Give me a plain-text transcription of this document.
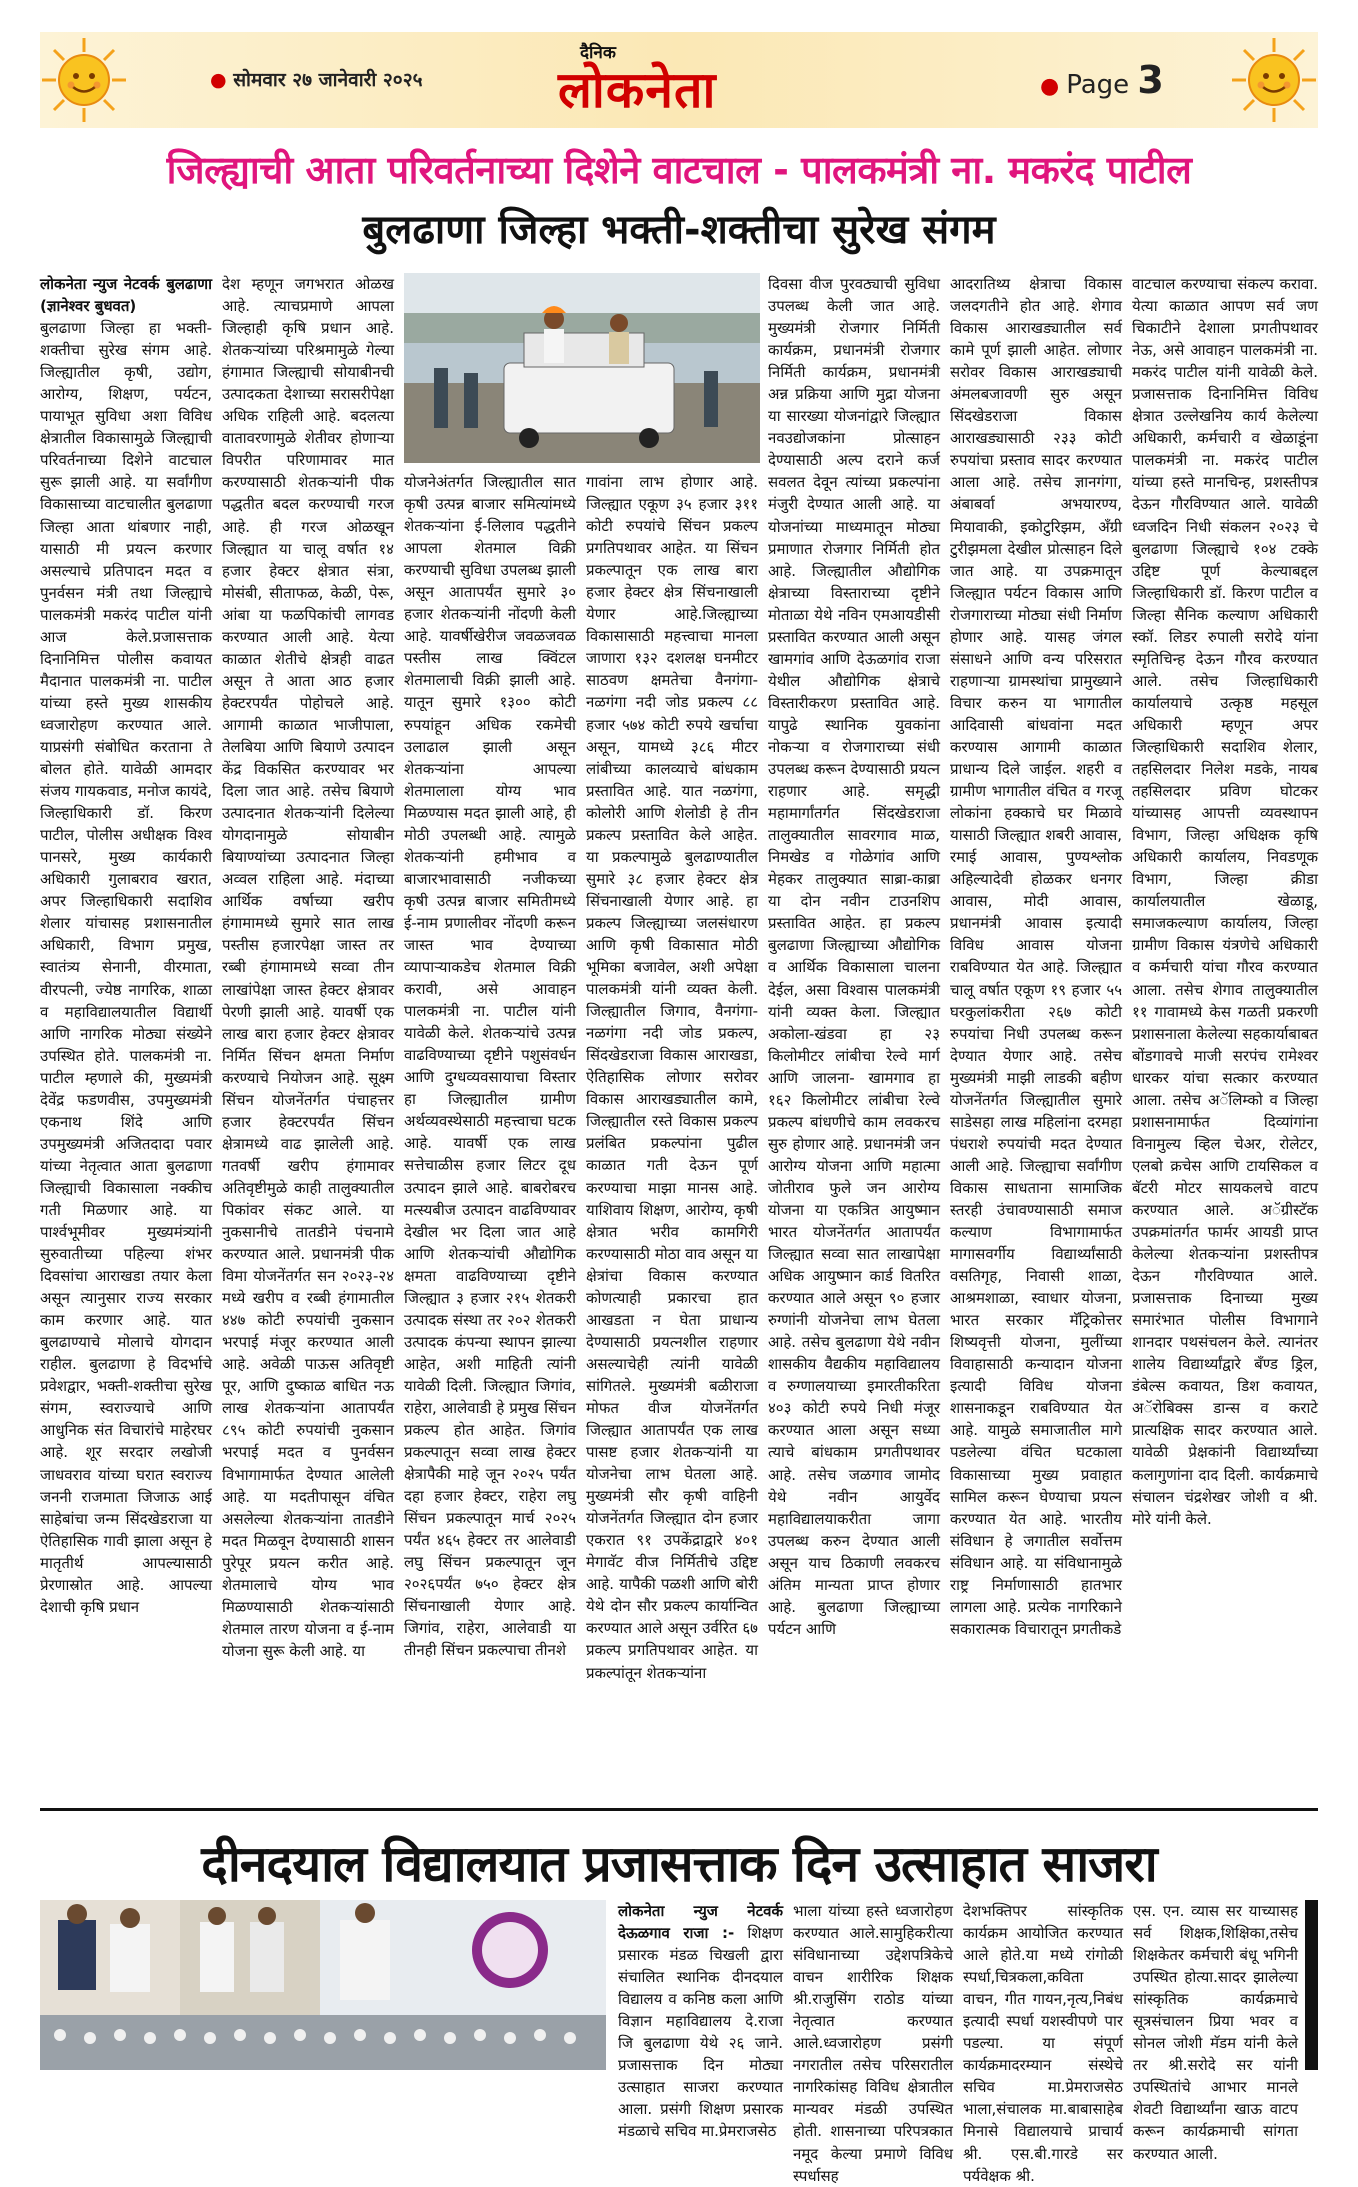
● सोमवार २७ जानेवारी २०२५
दैनिक
लोकनेता	● Page 3
जिल्ह्याची आता परिवर्तनाच्या दिशेने वाटचाल - पालकमंत्री ना. मकरंद पाटील
बुलढाणा जिल्हा भक्ती-शक्तीचा सुरेख संगम

लोकनेता न्युज नेटवर्क बुलढाणा (ज्ञानेश्वर बुधवत)

बुलढाणा जिल्हा हा भक्ती-शक्तीचा सुरेख संगम आहे. जिल्ह्यातील कृषी, उद्योग, आरोग्य, शिक्षण, पर्यटन, पायाभूत सुविधा अशा विविध क्षेत्रातील विकासामुळे जिल्ह्याची परिवर्तनाच्या दिशेने वाटचाल सुरू झाली आहे. या सर्वांगीण विकासाच्या वाटचालीत बुलढाणा जिल्हा आता थांबणार नाही, यासाठी मी प्रयत्न करणार असल्याचे प्रतिपादन मदत व पुनर्वसन मंत्री तथा जिल्ह्याचे पालकमंत्री मकरंद पाटील यांनी आज केले.प्रजासत्ताक दिनानिमित्त पोलीस कवायत मैदानात पालकमंत्री ना. पाटील यांच्या हस्ते मुख्य शासकीय ध्वजारोहण करण्यात आले. याप्रसंगी संबोधित करताना ते बोलत होते. यावेळी आमदार संजय गायकवाड, मनोज कायंदे, जिल्हाधिकारी डॉ. किरण पाटील, पोलीस अधीक्षक विश्व पानसरे, मुख्य कार्यकारी अधिकारी गुलाबराव खरात, अपर जिल्हाधिकारी सदाशिव शेलार यांचासह प्रशासनातील अधिकारी, विभाग प्रमुख, स्वातंत्र्य सेनानी, वीरमाता, वीरपत्नी, ज्येष्ठ नागरिक, शाळा व महाविद्यालयातील विद्यार्थी आणि नागरिक मोठ्या संख्येने उपस्थित होते. पालकमंत्री ना. पाटील म्हणाले की, मुख्यमंत्री देवेंद्र फडणवीस, उपमुख्यमंत्री एकनाथ शिंदे आणि उपमुख्यमंत्री अजितदादा पवार यांच्या नेतृत्वात आता बुलढाणा जिल्ह्याची विकासाला नक्कीच गती मिळणार आहे. या पार्श्वभूमीवर मुख्यमंत्र्यांनी सुरुवातीच्या पहिल्या शंभर दिवसांचा आराखडा तयार केला असून त्यानुसार राज्य सरकार काम करणार आहे. यात बुलढाण्याचे मोलाचे योगदान राहील. बुलढाणा हे विदर्भाचे प्रवेशद्वार, भक्ती-शक्तीचा सुरेख संगम, स्वराज्याचे आणि आधुनिक संत विचारांचे माहेरघर आहे. शूर सरदार लखोजी जाधवराव यांच्या घरात स्वराज्य जननी राजमाता जिजाऊ आई साहेबांचा जन्म सिंदखेडराजा या ऐतिहासिक गावी झाला असून हे मातृतीर्थ आपल्यासाठी प्रेरणास्रोत आहे. आपल्या देशाची कृषि प्रधान

देश म्हणून जगभरात ओळख आहे. त्याचप्रमाणे आपला जिल्हाही कृषि प्रधान आहे. शेतकऱ्यांच्या परिश्रमामुळे गेल्या हंगामात जिल्ह्याची सोयाबीनची उत्पादकता देशाच्या सरासरीपेक्षा अधिक राहिली आहे. बदलत्या वातावरणामुळे शेतीवर होणाऱ्या विपरीत परिणामावर मात करण्यासाठी शेतकऱ्यांनी पीक पद्धतीत बदल करण्याची गरज आहे. ही गरज ओळखून जिल्ह्यात या चालू वर्षात १४ हजार हेक्टर क्षेत्रात संत्रा, मोसंबी, सीताफळ, केळी, पेरू, आंबा या फळपिकांची लागवड करण्यात आली आहे. येत्या काळात शेतीचे क्षेत्रही वाढत असून ते आता आठ हजार हेक्टरपर्यंत पोहोचले आहे. आगामी काळात भाजीपाला, तेलबिया आणि बियाणे उत्पादन केंद्र विकसित करण्यावर भर दिला जात आहे. तसेच बियाणे उत्पादनात शेतकऱ्यांनी दिलेल्या योगदानामुळे सोयाबीन बियाण्यांच्या उत्पादनात जिल्हा अव्वल राहिला आहे. मंदाच्या आर्थिक वर्षाच्या खरीप हंगामामध्ये सुमारे सात लाख पस्तीस हजारपेक्षा जास्त तर रब्बी हंगामामध्ये सव्वा तीन लाखांपेक्षा जास्त हेक्टर क्षेत्रावर पेरणी झाली आहे. यावर्षी एक लाख बारा हजार हेक्टर क्षेत्रावर निर्मित सिंचन क्षमता निर्माण करण्याचे नियोजन आहे. सूक्ष्म सिंचन योजनेंतर्गत पंचाहत्तर हजार हेक्टरपर्यंत सिंचन क्षेत्रामध्ये वाढ झालेली आहे. गतवर्षी खरीप हंगामावर अतिवृष्टीमुळे काही तालुक्यातील पिकांवर संकट आले. या नुकसानीचे तातडीने पंचनामे करण्यात आले. प्रधानमंत्री पीक विमा योजनेंतर्गत सन २०२३-२४ मध्ये खरीप व रब्बी हंगामातील ४४७ कोटी रुपयांची नुकसान भरपाई मंजूर करण्यात आली आहे. अवेळी पाऊस अतिवृष्टी पूर, आणि दुष्काळ बाधित नऊ लाख शेतकऱ्यांना आतापर्यंत ८९५ कोटी रुपयांची नुकसान भरपाई मदत व पुनर्वसन विभागामार्फत देण्यात आलेली आहे. या मदतीपासून वंचित असलेल्या शेतकऱ्यांना तातडीने मदत मिळवून देण्यासाठी शासन पुरेपूर प्रयत्न करीत आहे. शेतमालाचे योग्य भाव मिळण्यासाठी शेतकऱ्यांसाठी शेतमाल तारण योजना व ई-नाम योजना सुरू केली आहे. या

योजनेअंतर्गत जिल्ह्यातील सात कृषी उत्पन्न बाजार समित्यांमध्ये शेतकऱ्यांना ई-लिलाव पद्धतीने आपला शेतमाल विक्री करण्याची सुविधा उपलब्ध झाली असून आतापर्यंत सुमारे ३० हजार शेतकऱ्यांनी नोंदणी केली आहे. यावर्षीखेरीज जवळजवळ पस्तीस लाख क्विंटल शेतमालाची विक्री झाली आहे. यातून सुमारे १३०० कोटी रुपयांहून अधिक रकमेची उलाढाल झाली असून शेतकऱ्यांना आपल्या शेतमालाला योग्य भाव मिळण्यास मदत झाली आहे, ही मोठी उपलब्धी आहे. त्यामुळे शेतकऱ्यांनी हमीभाव व बाजारभावासाठी नजीकच्या कृषी उत्पन्न बाजार समितीमध्ये ई-नाम प्रणालीवर नोंदणी करून जास्त भाव देण्याच्या व्यापाऱ्याकडेच शेतमाल विक्री करावी, असे आवाहन पालकमंत्री ना. पाटील यांनी यावेळी केले. शेतकऱ्यांचे उत्पन्न वाढविण्याच्या दृष्टीने पशुसंवर्धन आणि दुग्धव्यवसायाचा विस्तार हा जिल्ह्यातील ग्रामीण अर्थव्यवस्थेसाठी महत्त्वाचा घटक आहे. यावर्षी एक लाख सत्तेचाळीस हजार लिटर दूध उत्पादन झाले आहे. बाबरोबरच मत्स्यबीज उत्पादन वाढविण्यावर देखील भर दिला जात आहे आणि शेतकऱ्यांची औद्योगिक क्षमता वाढविण्याच्या दृष्टीने जिल्ह्यात ३ हजार २१५ शेतकरी उत्पादक संस्था तर २०२ शेतकरी उत्पादक कंपन्या स्थापन झाल्या आहेत, अशी माहिती त्यांनी यावेळी दिली. जिल्ह्यात जिगांव, राहेरा, आलेवाडी हे प्रमुख सिंचन प्रकल्प होत आहेत. जिगांव प्रकल्पातून सव्वा लाख हेक्टर क्षेत्रापैकी माहे जून २०२५ पर्यंत दहा हजार हेक्टर, राहेरा लघु सिंचन प्रकल्पातून मार्च २०२५ पर्यंत ४६५ हेक्टर तर आलेवाडी लघु सिंचन प्रकल्पातून जून २०२६पर्यंत ७५० हेक्टर क्षेत्र सिंचनाखाली येणार आहे. जिगांव, राहेरा, आलेवाडी या तीनही सिंचन प्रकल्पाचा तीनशे

गावांना लाभ होणार आहे. जिल्ह्यात एकूण ३५ हजार ३११ कोटी रुपयांचे सिंचन प्रकल्प प्रगतिपथावर आहेत. या सिंचन प्रकल्पातून एक लाख बारा हजार हेक्टर क्षेत्र सिंचनाखाली येणार आहे.जिल्ह्याच्या विकासासाठी महत्त्वाचा मानला जाणारा १३२ दशलक्ष घनमीटर साठवण क्षमतेचा वैनगंगा-नळगंगा नदी जोड प्रकल्प ८८ हजार ५७४ कोटी रुपये खर्चाचा असून, यामध्ये ३८६ मीटर लांबीच्या कालव्याचे बांधकाम प्रस्तावित आहे. यात नळगंगा, कोलोरी आणि शेलोडी हे तीन प्रकल्प प्रस्तावित केले आहेत. या प्रकल्पामुळे बुलढाण्यातील सुमारे ३८ हजार हेक्टर क्षेत्र सिंचनाखाली येणार आहे. हा प्रकल्प जिल्ह्याच्या जलसंधारण आणि कृषी विकासात मोठी भूमिका बजावेल, अशी अपेक्षा पालकमंत्री यांनी व्यक्त केली. जिल्ह्यातील जिगाव, वैनगंगा-नळगंगा नदी जोड प्रकल्प, सिंदखेडराजा विकास आराखडा, ऐतिहासिक लोणार सरोवर विकास आराखड्यातील कामे, जिल्ह्यातील रस्ते विकास प्रकल्प प्रलंबित प्रकल्पांना पुढील काळात गती देऊन पूर्ण करण्याचा माझा मानस आहे. याशिवाय शिक्षण, आरोग्य, कृषी क्षेत्रात भरीव कामगिरी करण्यासाठी मोठा वाव असून या क्षेत्रांचा विकास करण्यात कोणत्याही प्रकारचा हात आखडता न घेता प्राधान्य देण्यासाठी प्रयत्नशील राहणार असल्याचेही त्यांनी यावेळी सांगितले. मुख्यमंत्री बळीराजा मोफत वीज योजनेंतर्गत जिल्ह्यात आतापर्यंत एक लाख पासष्ट हजार शेतकऱ्यांनी या योजनेचा लाभ घेतला आहे. मुख्यमंत्री सौर कृषी वाहिनी योजनेंतर्गत जिल्ह्यात दोन हजार एकरात ९१ उपकेंद्राद्वारे ४०१ मेगावॅट वीज निर्मितीचे उद्दिष्ट आहे. यापैकी पळशी आणि बोरी येथे दोन सौर प्रकल्प कार्यान्वित करण्यात आले असून उर्वरित ६७ प्रकल्प प्रगतिपथावर आहेत. या प्रकल्पांतून शेतकऱ्यांना

दिवसा वीज पुरवठ्याची सुविधा उपलब्ध केली जात आहे. मुख्यमंत्री रोजगार निर्मिती कार्यक्रम, प्रधानमंत्री रोजगार निर्मिती कार्यक्रम, प्रधानमंत्री अन्न प्रक्रिया आणि मुद्रा योजना या सारख्या योजनांद्वारे जिल्ह्यात नवउद्योजकांना प्रोत्साहन देण्यासाठी अल्प दराने कर्ज सवलत देवून त्यांच्या प्रकल्पांना मंजुरी देण्यात आली आहे. या योजनांच्या माध्यमातून मोठ्या प्रमाणात रोजगार निर्मिती होत आहे. जिल्ह्यातील औद्योगिक क्षेत्राच्या विस्ताराच्या दृष्टीने मोताळा येथे नविन एमआयडीसी प्रस्तावित करण्यात आली असून खामगांव आणि देऊळगांव राजा येथील औद्योगिक क्षेत्राचे विस्तारीकरण प्रस्तावित आहे. यापुढे स्थानिक युवकांना नोकऱ्या व रोजगाराच्या संधी उपलब्ध करून देण्यासाठी प्रयत्न राहणार आहे. समृद्धी महामार्गांतर्गत सिंदखेडराजा तालुक्यातील सावरगाव माळ, निमखेड व गोळेगांव आणि मेहकर तालुक्यात साब्रा-काब्रा या दोन नवीन टाउनशिप प्रस्तावित आहेत. हा प्रकल्प बुलढाणा जिल्ह्याच्या औद्योगिक व आर्थिक विकासाला चालना देईल, असा विश्वास पालकमंत्री यांनी व्यक्त केला. जिल्ह्यात अकोला-खंडवा हा २३ किलोमीटर लांबीचा रेल्वे मार्ग आणि जालना- खामगाव हा १६२ किलोमीटर लांबीचा रेल्वे प्रकल्प बांधणीचे काम लवकरच सुरु होणार आहे. प्रधानमंत्री जन आरोग्य योजना आणि महात्मा जोतीराव फुले जन आरोग्य योजना या एकत्रित आयुष्मान भारत योजनेंतर्गत आतापर्यंत जिल्ह्यात सव्वा सात लाखापेक्षा अधिक आयुष्मान कार्ड वितरित करण्यात आले असून ९० हजार रुग्णांनी योजनेचा लाभ घेतला आहे. तसेच बुलढाणा येथे नवीन शासकीय वैद्यकीय महाविद्यालय व रुग्णालयाच्या इमारतीकरिता ४०३ कोटी रुपये निधी मंजूर करण्यात आला असून सध्या त्याचे बांधकाम प्रगतीपथावर आहे. तसेच जळगाव जामोद येथे नवीन आयुर्वेद महाविद्यालयाकरीता जागा उपलब्ध करुन देण्यात आली असून याच ठिकाणी लवकरच अंतिम मान्यता प्राप्त होणार आहे. बुलढाणा जिल्ह्याच्या पर्यटन आणि

आदरातिथ्य क्षेत्राचा विकास जलदगतीने होत आहे. शेगाव विकास आराखड्यातील सर्व कामे पूर्ण झाली आहेत. लोणार सरोवर विकास आराखड्याची अंमलबजावणी सुरु असून सिंदखेडराजा विकास आराखड्यासाठी २३३ कोटी रुपयांचा प्रस्ताव सादर करण्यात आला आहे. तसेच ज्ञानगंगा, अंबाबर्वा अभयारण्य, मियावाकी, इकोटुरिझम, अँग्री टुरीझमला देखील प्रोत्साहन दिले जात आहे. या उपक्रमातून जिल्ह्यात पर्यटन विकास आणि रोजगाराच्या मोठ्या संधी निर्माण होणार आहे. यासह जंगल संसाधने आणि वन्य परिसरात राहणाऱ्या ग्रामस्थांचा प्रामुख्याने विचार करुन या भागातील आदिवासी बांधवांना मदत करण्यास आगामी काळात प्राधान्य दिले जाईल. शहरी व ग्रामीण भागातील वंचित व गरजू लोकांना हक्काचे घर मिळावे यासाठी जिल्ह्यात शबरी आवास, रमाई आवास, पुण्यश्लोक अहिल्यादेवी होळकर धनगर आवास, मोदी आवास, प्रधानमंत्री आवास इत्यादी विविध आवास योजना राबविण्यात येत आहे. जिल्ह्यात चालू वर्षात एकूण १९ हजार ५५ घरकुलांकरीता २६७ कोटी रुपयांचा निधी उपलब्ध करून देण्यात येणार आहे. तसेच मुख्यमंत्री माझी लाडकी बहीण योजनेंतर्गत जिल्ह्यातील सुमारे साडेसहा लाख महिलांना दरमहा पंधराशे रुपयांची मदत देण्यात आली आहे. जिल्ह्याचा सर्वांगीण विकास साधताना सामाजिक स्तरही उंचावण्यासाठी समाज कल्याण विभागामार्फत मागासवर्गीय विद्यार्थ्यांसाठी वसतिगृह, निवासी शाळा, आश्रमशाळा, स्वाधार योजना, भारत सरकार मॅट्रिकोत्तर शिष्यवृत्ती योजना, मुलींच्या विवाहासाठी कन्यादान योजना इत्यादी विविध योजना शासनाकडून राबविण्यात येत आहे. यामुळे समाजातील मागे पडलेल्या वंचित घटकाला विकासाच्या मुख्य प्रवाहात सामिल करून घेण्याचा प्रयत्न करण्यात येत आहे. भारतीय संविधान हे जगातील सर्वोत्तम संविधान आहे. या संविधानामुळे राष्ट्र निर्माणासाठी हातभार लागला आहे. प्रत्येक नागरिकाने सकारात्मक विचारातून प्रगतीकडे

वाटचाल करण्याचा संकल्प करावा. येत्या काळात आपण सर्व जण चिकाटीने देशाला प्रगतीपथावर नेऊ, असे आवाहन पालकमंत्री ना. मकरंद पाटील यांनी यावेळी केले. प्रजासत्ताक दिनानिमित्त विविध क्षेत्रात उल्लेखनिय कार्य केलेल्या अधिकारी, कर्मचारी व खेळाडूंना पालकमंत्री ना. मकरंद पाटील यांच्या हस्ते मानचिन्ह, प्रशस्तीपत्र देऊन गौरविण्यात आले. यावेळी ध्वजदिन निधी संकलन २०२३ चे बुलढाणा जिल्ह्याचे १०४ टक्के उद्दिष्ट पूर्ण केल्याबद्दल जिल्हाधिकारी डॉ. किरण पाटील व जिल्हा सैनिक कल्याण अधिकारी स्कॉ. लिडर रुपाली सरोदे यांना स्मृतिचिन्ह देऊन गौरव करण्यात आले. तसेच जिल्हाधिकारी कार्यालयाचे उत्कृष्ठ महसूल अधिकारी म्हणून अपर जिल्हाधिकारी सदाशिव शेलार, तहसिलदार निलेश मडके, नायब तहसिलदार प्रविण घोटकर यांच्यासह आपत्ती व्यवस्थापन विभाग, जिल्हा अधिक्षक कृषि अधिकारी कार्यालय, निवडणूक विभाग, जिल्हा क्रीडा कार्यालयातील खेळाडू, समाजकल्याण कार्यालय, जिल्हा ग्रामीण विकास यंत्रणेचे अधिकारी व कर्मचारी यांचा गौरव करण्यात आला. तसेच शेगाव तालुक्यातील ११ गावामध्ये केस गळती प्रकरणी प्रशासनाला केलेल्या सहकार्याबाबत बोंडगावचे माजी सरपंच रामेश्वर धारकर यांचा सत्कार करण्यात आला. तसेच अॅलिम्को व जिल्हा प्रशासनामार्फत दिव्यांगांना विनामुल्य व्हिल चेअर, रोलेटर, एलबो क्रचेस आणि टायसिकल व बॅटरी मोटर सायकलचे वाटप करण्यात आले. अॅग्रीस्टॅक उपक्रमांतर्गत फार्मर आयडी प्राप्त केलेल्या शेतकऱ्यांना प्रशस्तीपत्र देऊन गौरविण्यात आले. प्रजासत्ताक दिनाच्या मुख्य समारंभात पोलीस विभागाने शानदार पथसंचलन केले. त्यानंतर शालेय विद्यार्थ्यांद्वारे बँण्ड ड्रिल, डंबेल्स कवायत, डिश कवायत, अॅरोबिक्स डान्स व कराटे प्रात्यक्षिक सादर करण्यात आले. यावेळी प्रेक्षकांनी विद्यार्थ्यांच्या कलागुणांना दाद दिली. कार्यक्रमाचे संचालन चंद्रशेखर जोशी व श्री. मोरे यांनी केले.

दीनदयाल विद्यालयात प्रजासत्ताक दिन उत्साहात साजरा

लोकनेता न्युज नेटवर्क देऊळगाव राजा :- शिक्षण प्रसारक मंडळ चिखली द्वारा संचालित स्थानिक दीनदयाल विद्यालय व कनिष्ठ कला आणि विज्ञान महाविद्यालय दे.राजा जि बुलढाणा येथे २६ जाने. प्रजासत्ताक दिन मोठ्या उत्साहात साजरा करण्यात आला. प्रसंगी शिक्षण प्रसारक मंडळाचे सचिव मा.प्रेमराजसेठ

भाला यांच्या हस्ते ध्वजारोहण करण्यात आले.सामुहिकरीत्या संविधानाच्या उद्देशपत्रिकेचे वाचन शारीरिक शिक्षक श्री.राजुसिंग राठोड यांच्या नेतृत्वात करण्यात आले.ध्वजारोहण प्रसंगी नगरातील तसेच परिसरातील नागरिकांसह विविध क्षेत्रातील मान्यवर मंडळी उपस्थित होती. शासनाच्या परिपत्रकात नमूद केल्या प्रमाणे विविध स्पर्धासह

देशभक्तिपर सांस्कृतिक कार्यक्रम आयोजित करण्यात आले होते.या मध्ये रांगोळी स्पर्धा,चित्रकला,कविता वाचन, गीत गायन,नृत्य,निबंध इत्यादी स्पर्धा यशस्वीपणे पार पडल्या. या संपूर्ण कार्यक्रमादरम्यान संस्थेचे सचिव मा.प्रेमराजसेठ भाला,संचालक मा.बाबासाहेब मिनासे विद्यालयाचे प्राचार्य श्री. एस.बी.गारडे सर पर्यवेक्षक श्री.

एस. एन. व्यास सर याच्यासह सर्व शिक्षक,शिक्षिका,तसेच शिक्षकेतर कर्मचारी बंधू भगिनी उपस्थित होत्या.सादर झालेल्या सांस्कृतिक कार्यक्रमाचे सूत्रसंचालन प्रिया भवर व सोनल जोशी मॅडम यांनी केले तर श्री.सरोदे सर यांनी उपस्थितांचे आभार मानले शेवटी विद्यार्थ्यांना खाऊ वाटप करून कार्यक्रमाची सांगता करण्यात आली.
